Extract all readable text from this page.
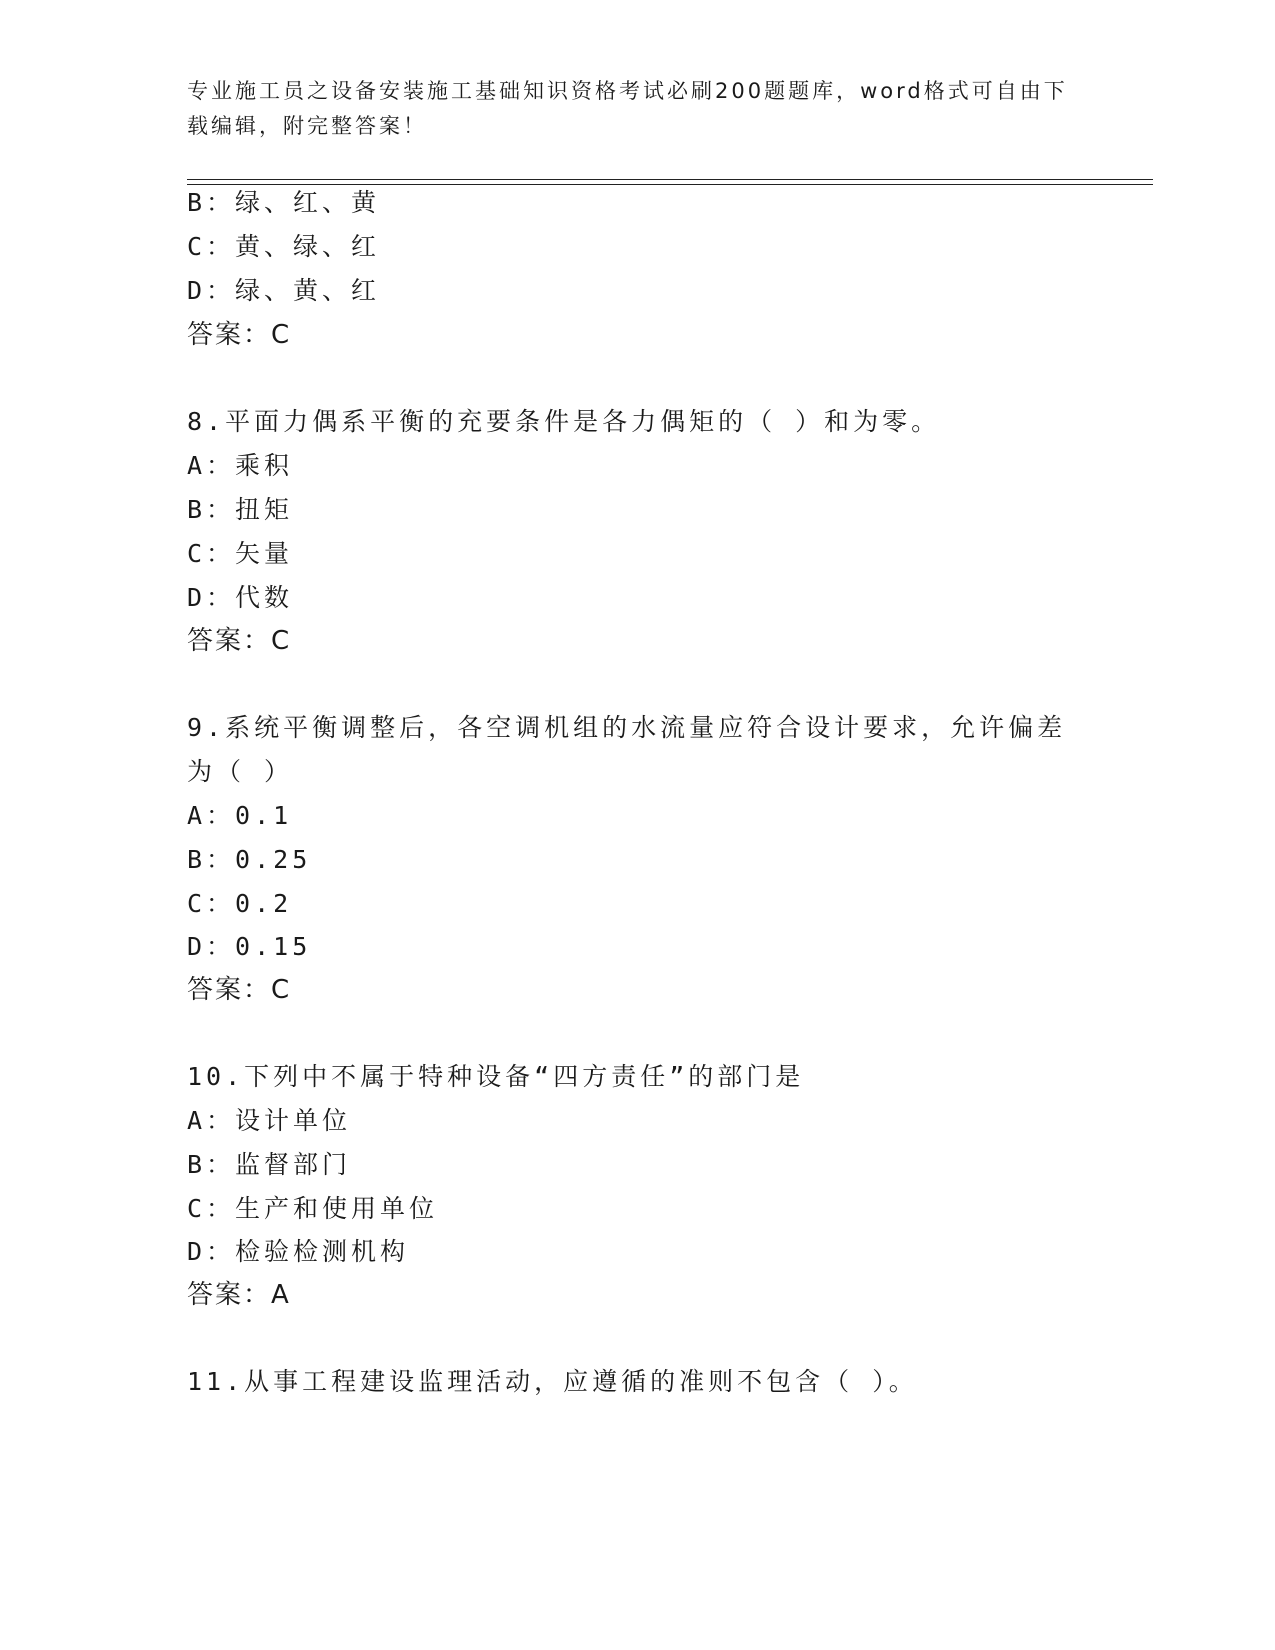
专业施工员之设备安装施工基础知识资格考试必刷200题题库，word格式可自由下载编辑，附完整答案！
B：绿、红、黄
C：黄、绿、红
D：绿、黄、红
答案：C
8.平面力偶系平衡的充要条件是各力偶矩的（ ）和为零。
A：乘积
B：扭矩
C：矢量
D：代数
答案：C
9.系统平衡调整后，各空调机组的水流量应符合设计要求，允许偏差
为（ ）
A：0.1
B：0.25
C：0.2
D：0.15
答案：C
10.下列中不属于特种设备“四方责任”的部门是
A：设计单位
B：监督部门
C：生产和使用单位
D：检验检测机构
答案：A
11.从事工程建设监理活动，应遵循的准则不包含（ ）。
